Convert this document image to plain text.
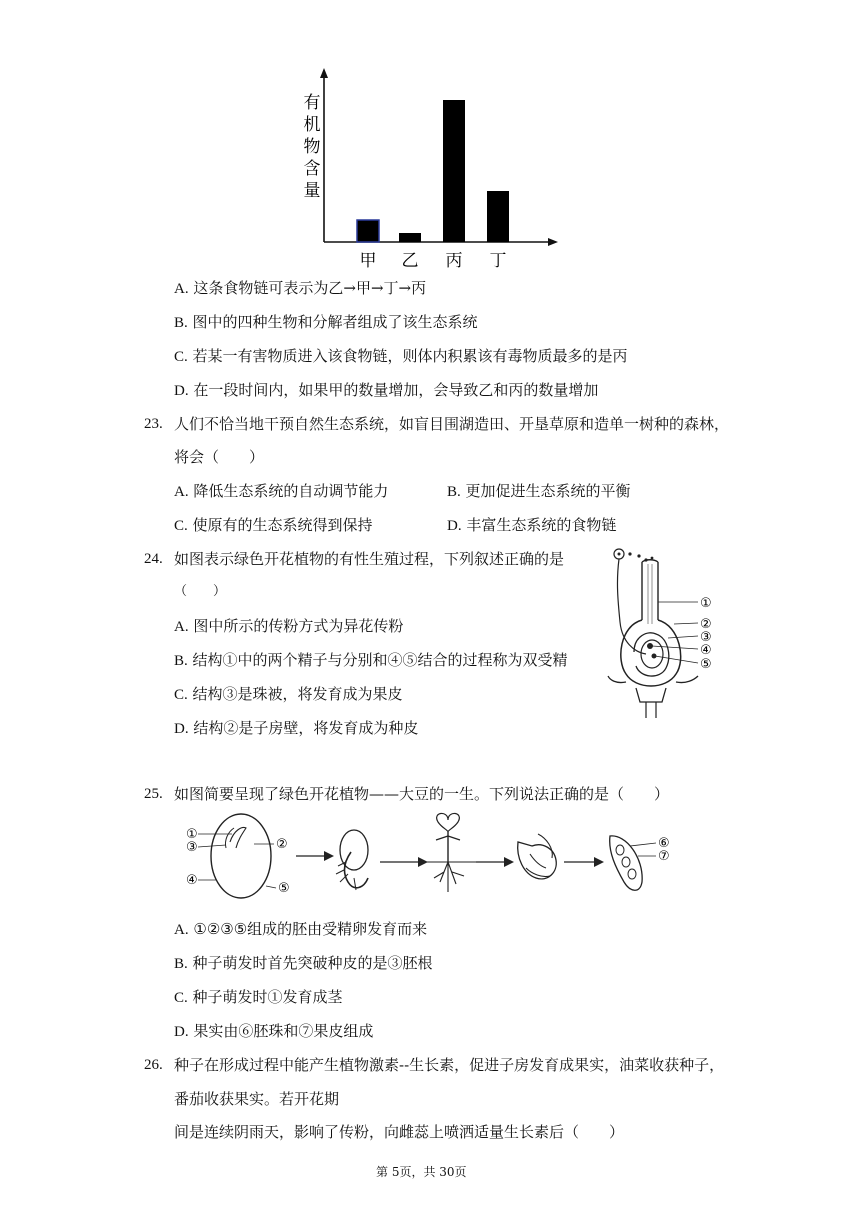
甲 乙 丙 丁
有
机
物
含
量
A. 这条食物链可表示为乙→甲→丁→丙
B. 图中的四种生物和分解者组成了该生态系统
C. 若某一有害物质进入该食物链，则体内积累该有毒物质最多的是丙
D. 在一段时间内，如果甲的数量增加，会导致乙和丙的数量增加
23. 人们不恰当地干预自然生态系统，如盲目围湖造田、开垦草原和造单一树种的森林，
将会（　　）
A. 降低生态系统的自动调节能力	B. 更加促进生态系统的平衡
C. 使原有的生态系统得到保持	D. 丰富生态系统的食物链
24. 如图表示绿色开花植物的有性生殖过程，下列叙述正确的是
（　　）
A. 图中所示的传粉方式为异花传粉
B. 结构①中的两个精子与分别和④⑤结合的过程称为双受精
C. 结构③是珠被，将发育成为果皮
D. 结构②是子房壁，将发育成为种皮
①
②
③
④
⑤
25. 如图简要呈现了绿色开花植物——大豆的一生。下列说法正确的是（　　）
①
③
④
②
⑤
⑥
⑦
A. ①②③⑤组成的胚由受精卵发育而来
B. 种子萌发时首先突破种皮的是③胚根
C. 种子萌发时①发育成茎
D. 果实由⑥胚珠和⑦果皮组成
26. 种子在形成过程中能产生植物激素--生长素，促进子房发育成果实，油菜收获种子，
番茄收获果实。若开花期
间是连续阴雨天，影响了传粉，向雌蕊上喷洒适量生长素后（　　）
第 5页，共 30页
